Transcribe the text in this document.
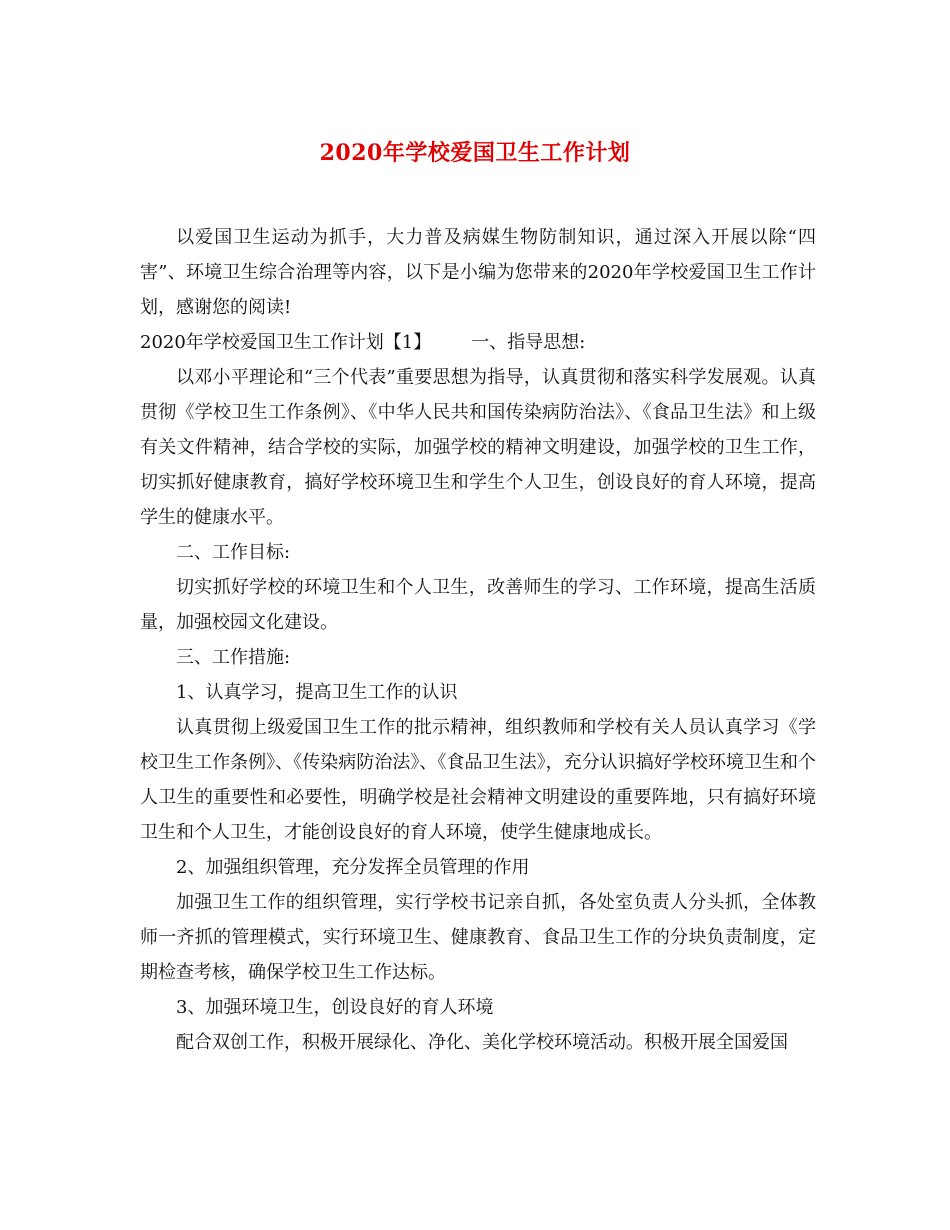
2020年学校爱国卫生工作计划

以爱国卫生运动为抓手，大力普及病媒生物防制知识，通过深入开展以除“四害”、环境卫生综合治理等内容，以下是小编为您带来的2020年学校爱国卫生工作计划，感谢您的阅读!

2020年学校爱国卫生工作计划【1】 一、指导思想:

以邓小平理论和“三个代表”重要思想为指导，认真贯彻和落实科学发展观。认真贯彻《学校卫生工作条例》、《中华人民共和国传染病防治法》、《食品卫生法》和上级有关文件精神，结合学校的实际，加强学校的精神文明建设，加强学校的卫生工作，切实抓好健康教育，搞好学校环境卫生和学生个人卫生，创设良好的育人环境，提高学生的健康水平。

二、工作目标:

切实抓好学校的环境卫生和个人卫生，改善师生的学习、工作环境，提高生活质量，加强校园文化建设。

三、工作措施:

1、认真学习，提高卫生工作的认识

认真贯彻上级爱国卫生工作的批示精神，组织教师和学校有关人员认真学习《学校卫生工作条例》、《传染病防治法》、《食品卫生法》，充分认识搞好学校环境卫生和个人卫生的重要性和必要性，明确学校是社会精神文明建设的重要阵地，只有搞好环境卫生和个人卫生，才能创设良好的育人环境，使学生健康地成长。

2、加强组织管理，充分发挥全员管理的作用

加强卫生工作的组织管理，实行学校书记亲自抓，各处室负责人分头抓，全体教师一齐抓的管理模式，实行环境卫生、健康教育、食品卫生工作的分块负责制度，定期检查考核，确保学校卫生工作达标。

3、加强环境卫生，创设良好的育人环境

配合双创工作，积极开展绿化、净化、美化学校环境活动。积极开展全国爱国
